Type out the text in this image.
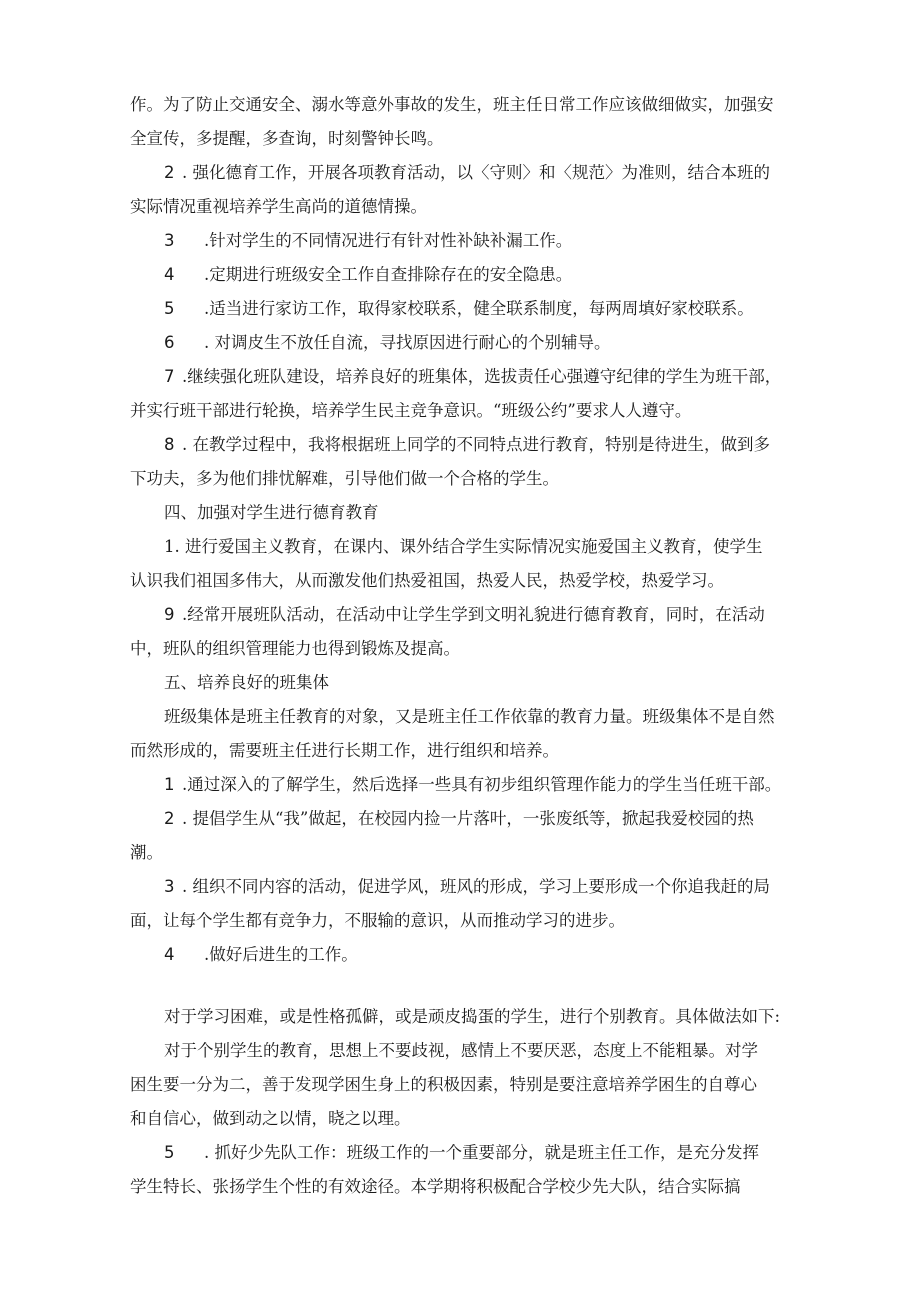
作。为了防止交通安全、溺水等意外事故的发生，班主任日常工作应该做细做实，加强安

全宣传，多提醒，多查询，时刻警钟长鸣。

2 . 强化德育工作，开展各项教育活动，以〈守则〉和〈规范〉为准则，结合本班的

实际情况重视培养学生高尚的道德情操。

3 .针对学生的不同情况进行有针对性补缺补漏工作。

4 .定期进行班级安全工作自查排除存在的安全隐患。

5 .适当进行家访工作，取得家校联系，健全联系制度，每两周填好家校联系。

6 . 对调皮生不放任自流，寻找原因进行耐心的个别辅导。

7 .继续强化班队建设，培养良好的班集体，选拔责任心强遵守纪律的学生为班干部，

并实行班干部进行轮换，培养学生民主竞争意识。“班级公约”要求人人遵守。

8 . 在教学过程中，我将根据班上同学的不同特点进行教育，特别是待进生，做到多

下功夫，多为他们排忧解难，引导他们做一个合格的学生。

四、加强对学生进行德育教育

1. 进行爱国主义教育，在课内、课外结合学生实际情况实施爱国主义教育，使学生

认识我们祖国多伟大，从而激发他们热爱祖国，热爱人民，热爱学校，热爱学习。

9 .经常开展班队活动，在活动中让学生学到文明礼貌进行德育教育，同时，在活动

中，班队的组织管理能力也得到锻炼及提高。

五、培养良好的班集体

班级集体是班主任教育的对象，又是班主任工作依靠的教育力量。班级集体不是自然

而然形成的，需要班主任进行长期工作，进行组织和培养。

1 .通过深入的了解学生，然后选择一些具有初步组织管理作能力的学生当任班干部。

2 . 提倡学生从“我”做起，在校园内捡一片落叶，一张废纸等，掀起我爱校园的热

潮。

3 . 组织不同内容的活动，促进学风，班风的形成，学习上要形成一个你追我赶的局

面，让每个学生都有竞争力，不服输的意识，从而推动学习的进步。

4 .做好后进生的工作。

对于学习困难，或是性格孤僻，或是顽皮捣蛋的学生，进行个别教育。具体做法如下:

对于个别学生的教育，思想上不要歧视，感情上不要厌恶，态度上不能粗暴。对学

困生要一分为二，善于发现学困生身上的积极因素，特别是要注意培养学困生的自尊心

和自信心，做到动之以情，晓之以理。

5 . 抓好少先队工作：班级工作的一个重要部分，就是班主任工作，是充分发挥

学生特长、张扬学生个性的有效途径。本学期将积极配合学校少先大队，结合实际搞
